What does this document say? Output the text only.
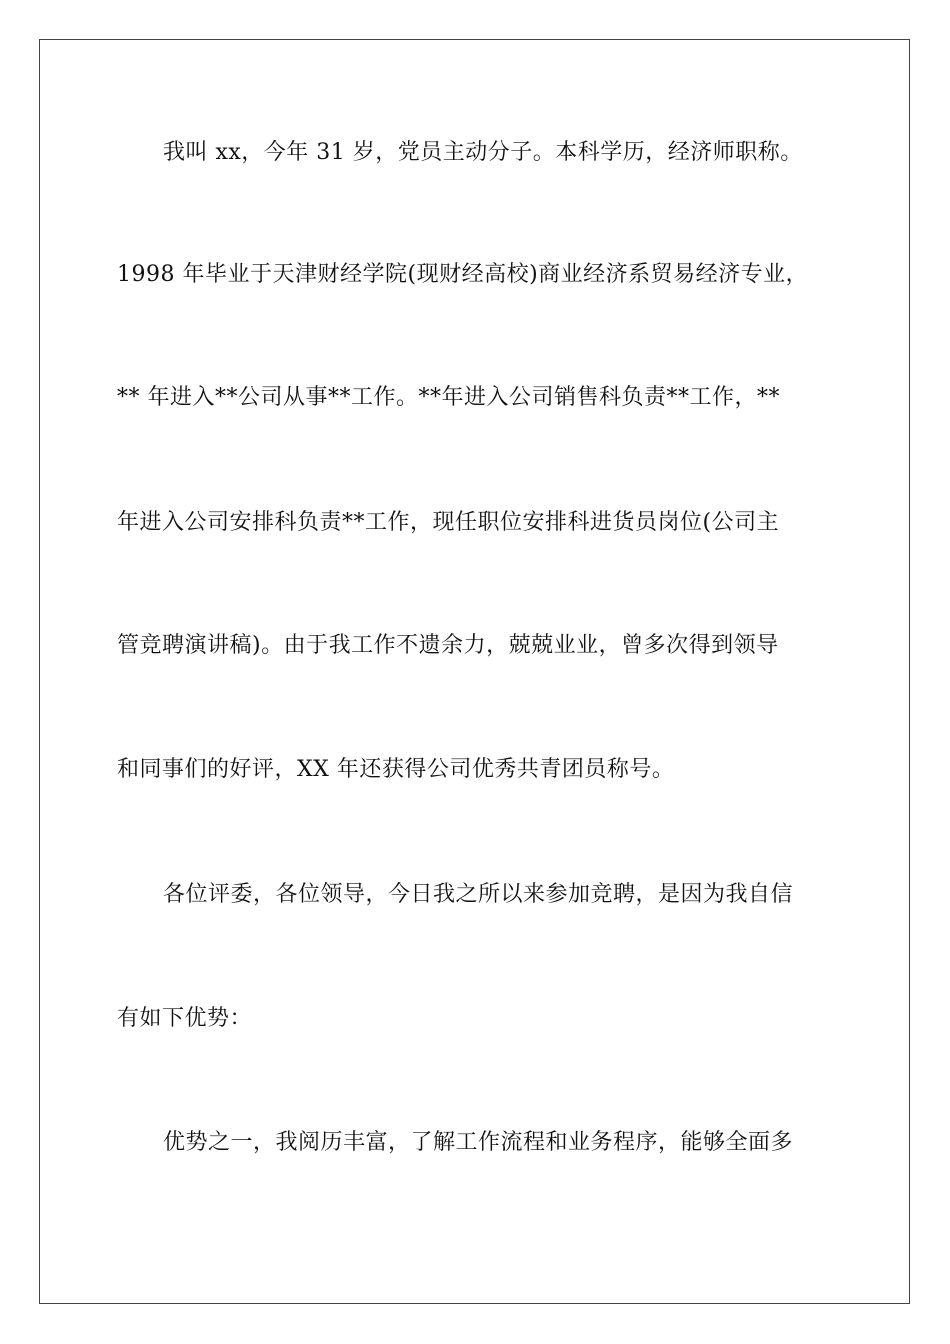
我叫 xx，今年 31 岁，党员主动分子。本科学历，经济师职称。
1998 年毕业于天津财经学院(现财经高校)商业经济系贸易经济专业，
** 年进入**公司从事**工作。**年进入公司销售科负责**工作，**
年进入公司安排科负责**工作，现任职位安排科进货员岗位(公司主
管竞聘演讲稿)。由于我工作不遗余力，兢兢业业，曾多次得到领导
和同事们的好评，XX 年还获得公司优秀共青团员称号。
各位评委，各位领导，今日我之所以来参加竞聘，是因为我自信
有如下优势：
优势之一，我阅历丰富，了解工作流程和业务程序，能够全面多
